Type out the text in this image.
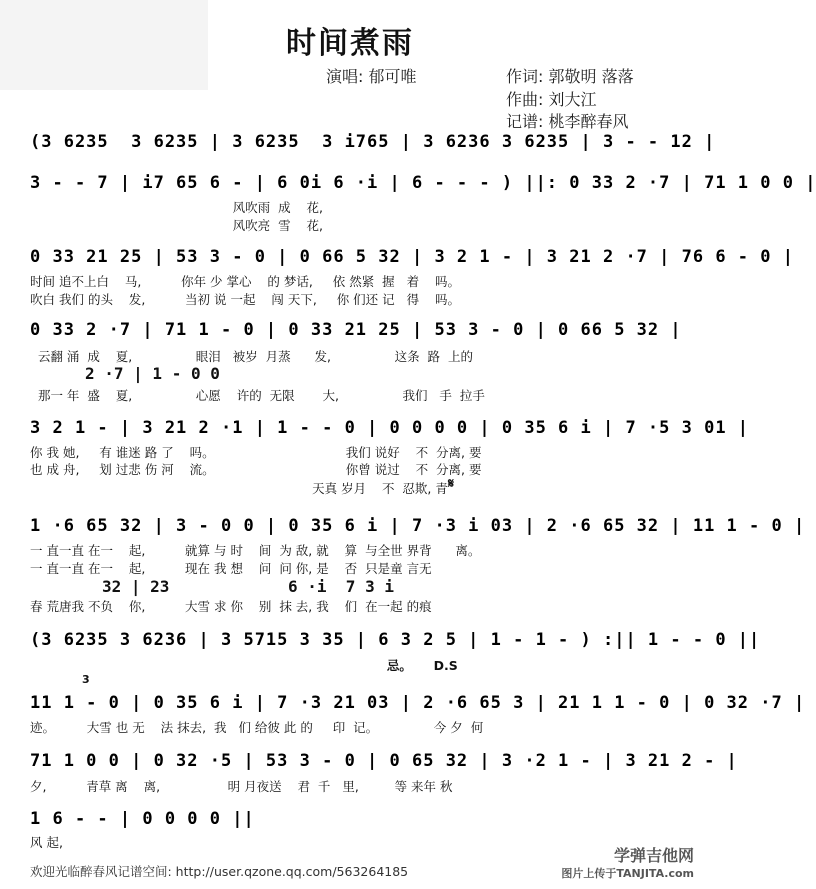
时间煮雨
演唱: 郁可唯	作词: 郭敬明 落落
作曲: 刘大江
记谱: 桃李醉春风
(3 6235  3 6235 | 3 6235  3 i765 | 3 6236 3 6235 | 3 - - 12 |
3 - - 7 | i7 65 6 - | 6 0i 6 ·i | 6 - - - ) ||: 0 33 2 ·7 | 71 1 0 0 |
风吹雨  成    花,
风吹亮  雪    花,
0 33 21 25 | 53 3 - 0 | 0 66 5 32 | 3 2 1 - | 3 21 2 ·7 | 76 6 - 0 |
时间 追不上白    马,          你年 少 掌心    的 梦话,     依 然紧  握   着    吗。
吹白 我们 的头    发,          当初 说 一起    闯 天下,     你 们还 记   得    吗。
0 33 2 ·7 | 71 1 - 0 | 0 33 21 25 | 53 3 - 0 | 0 66 5 32 |
云翻 涌  成    夏,                眼泪   被岁  月蒸      发,                这条  路  上的
2 ·7 | 1 - 0 0
那一 年  盛    夏,                心愿    许的  无限       大,                我们   手  拉手
3 2 1 - | 3 21 2 ·1 | 1 - - 0 | 0 0 0 0 | 0 35 6 i | 7 ·5 3 01 |
你 我 她,     有 谁迷 路 了    吗。                                 我们 说好    不  分离, 要
也 成 舟,     划 过悲 伤 河    流。                                 你曾 说过    不  分离, 要
𝄋
天真 岁月    不  忍欺, 青
1 ·6 65 32 | 3 - 0 0 | 0 35 6 i | 7 ·3 i 03 | 2 ·6 65 32 | 11 1 - 0 |
一 直一直 在一    起,          就算 与 时    间  为 敌, 就    算  与全世 界背      离。
一 直一直 在一    起,          现在 我 想    问  问 你, 是    否  只是童 言无
32 | 23	6 ·i  7 3 i
春 荒唐我 不负    你,          大雪 求 你    别  抹 去, 我    们  在一起 的痕
(3 6235 3 6236 | 3 5715 3 35 | 6 3 2 5 | 1 - 1 - ) :|| 1 - - 0 ||
忌。     D.S
3
11 1 - 0 | 0 35 6 i | 7 ·3 21 03 | 2 ·6 65 3 | 21 1 1 - 0 | 0 32 ·7 |
迹。        大雪 也 无    法 抹去,  我   们 给彼 此 的     印  记。              今 夕  何
71 1 0 0 | 0 32 ·5 | 53 3 - 0 | 0 65 32 | 3 ·2 1 - | 3 21 2 - |
夕,          青草 离    离,                 明 月夜送    君  千   里,         等 来年 秋
1 6 - - | 0 0 0 0 ||
风 起,
欢迎光临醉春风记谱空间: http://user.qzone.qq.com/563264185
学弹吉他网
图片上传于TANJITA.com
